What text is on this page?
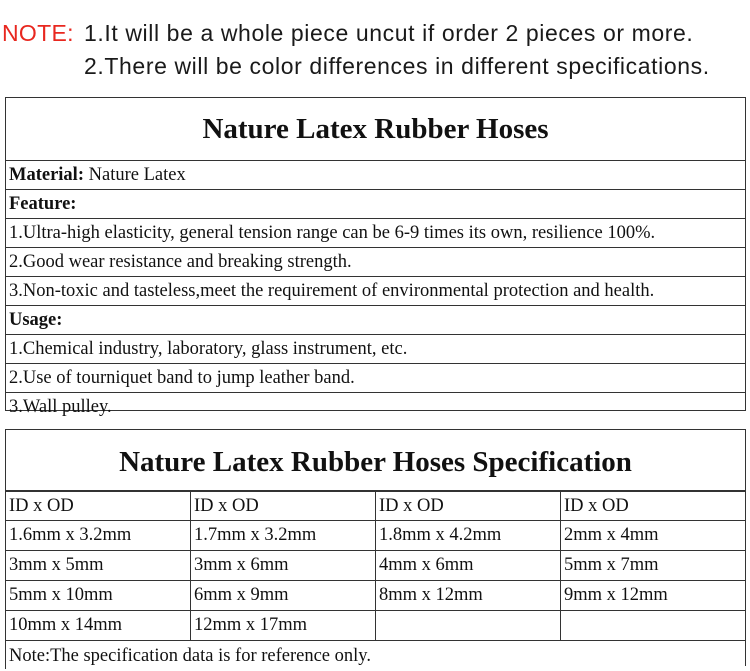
NOTE: 1.It will be a whole piece uncut if order 2 pieces or more.
2.There will be color differences in different specifications.
Nature Latex Rubber Hoses
Material: Nature Latex
Feature:
1.Ultra-high elasticity, general tension range can be 6-9 times its own, resilience 100%.
2.Good wear resistance and breaking strength.
3.Non-toxic and tasteless,meet the requirement of environmental protection and health.
Usage:
1.Chemical industry, laboratory, glass instrument, etc.
2.Use of tourniquet band to jump leather band.
3.Wall pulley.
Nature Latex Rubber Hoses Specification
ID x OD	ID x OD	ID x OD	ID x OD
1.6mm x 3.2mm	1.7mm x 3.2mm	1.8mm x 4.2mm	2mm x 4mm
3mm x 5mm	3mm x 6mm	4mm x 6mm	5mm x 7mm
5mm x 10mm	6mm x 9mm	8mm x 12mm	9mm x 12mm
10mm x 14mm	12mm x 17mm		
Note:The specification data is for reference only.
